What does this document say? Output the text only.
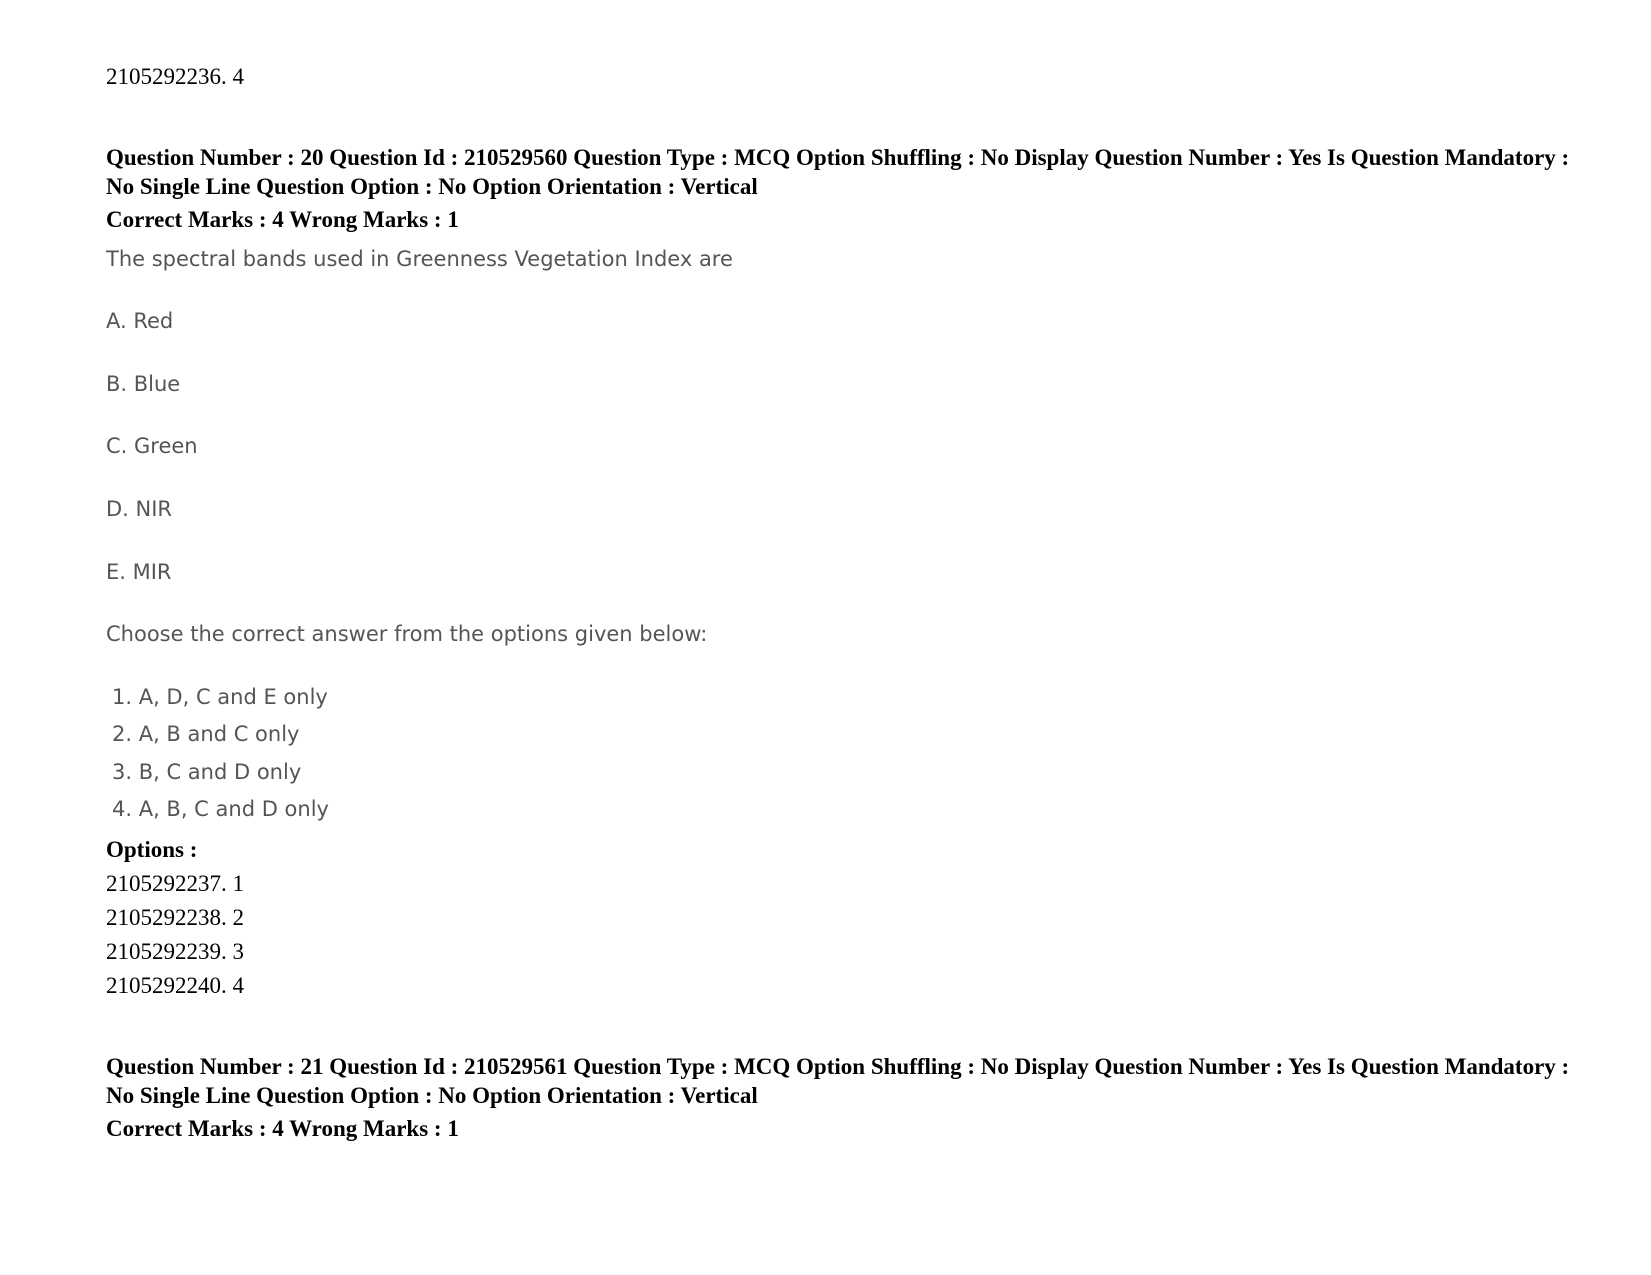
2105292236. 4
Question Number : 20 Question Id : 210529560 Question Type : MCQ Option Shuffling : No Display Question Number : Yes Is Question Mandatory : No Single Line Question Option : No Option Orientation : Vertical
Correct Marks : 4 Wrong Marks : 1
The spectral bands used in Greenness Vegetation Index are
A. Red
B. Blue
C. Green
D. NIR
E. MIR
Choose the correct answer from the options given below:
1. A, D, C and E only
2. A, B and C only
3. B, C and D only
4. A, B, C and D only
Options :
2105292237. 1
2105292238. 2
2105292239. 3
2105292240. 4
Question Number : 21 Question Id : 210529561 Question Type : MCQ Option Shuffling : No Display Question Number : Yes Is Question Mandatory : No Single Line Question Option : No Option Orientation : Vertical
Correct Marks : 4 Wrong Marks : 1
